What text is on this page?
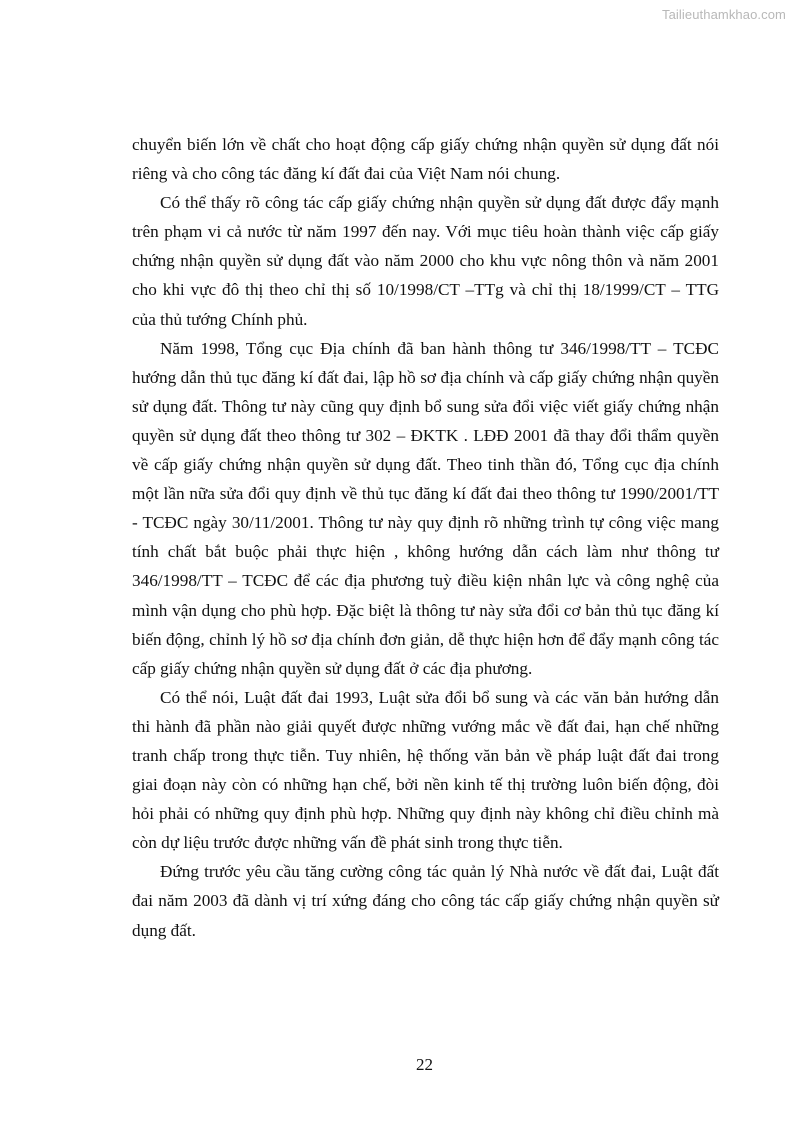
Tailieuthamkhao.com

chuyển biến lớn về chất cho hoạt động cấp giấy chứng nhận quyền sử dụng đất nói riêng và cho công tác đăng kí đất đai của Việt Nam nói chung.

Có thể thấy rõ công tác cấp giấy chứng nhận quyền sử dụng đất được đẩy mạnh trên phạm vi cả nước từ năm 1997 đến nay. Với mục tiêu hoàn thành việc cấp giấy chứng nhận quyền sử dụng đất vào năm 2000 cho khu vực nông thôn và năm 2001 cho khi vực đô thị theo chỉ thị số 10/1998/CT –TTg và chỉ thị 18/1999/CT – TTG của thủ tướng Chính phủ.

Năm 1998, Tổng cục Địa chính đã ban hành thông tư 346/1998/TT – TCĐC hướng dẫn thủ tục đăng kí đất đai, lập hồ sơ địa chính và cấp giấy chứng nhận quyền sử dụng đất. Thông tư này cũng quy định bổ sung sửa đổi việc viết giấy chứng nhận quyền sử dụng đất theo thông tư 302 – ĐKTK . LĐĐ 2001 đã thay đổi thẩm quyền về cấp giấy chứng nhận quyền sử dụng đất. Theo tinh thần đó, Tổng cục địa chính một lần nữa sửa đổi quy định về thủ tục đăng kí đất đai theo thông tư 1990/2001/TT - TCĐC ngày 30/11/2001. Thông tư này quy định rõ những trình tự công việc mang tính chất bắt buộc phải thực hiện , không hướng dẫn cách làm như thông tư 346/1998/TT – TCĐC để các địa phương tuỳ điều kiện nhân lực và công nghệ của mình vận dụng cho phù hợp. Đặc biệt là thông tư này sửa đổi cơ bản thủ tục đăng kí biến động, chỉnh lý hồ sơ địa chính đơn giản, dễ thực hiện hơn để đẩy mạnh công tác cấp giấy chứng nhận quyền sử dụng đất ở các địa phương.

Có thể nói, Luật đất đai 1993, Luật sửa đổi bổ sung và các văn bản hướng dẫn thi hành đã phần nào giải quyết được những vướng mắc về đất đai, hạn chế những tranh chấp trong thực tiễn. Tuy nhiên, hệ thống văn bản về pháp luật đất đai trong giai đoạn này còn có những hạn chế, bởi nền kinh tế thị trường luôn biến động, đòi hỏi phải có những quy định phù hợp. Những quy định này không chỉ điều chỉnh mà còn dự liệu trước được những vấn đề phát sinh trong thực tiễn.

Đứng trước yêu cầu tăng cường công tác quản lý Nhà nước về đất đai, Luật đất đai năm 2003 đã dành vị trí xứng đáng cho công tác cấp giấy chứng nhận quyền sử dụng đất.

22
